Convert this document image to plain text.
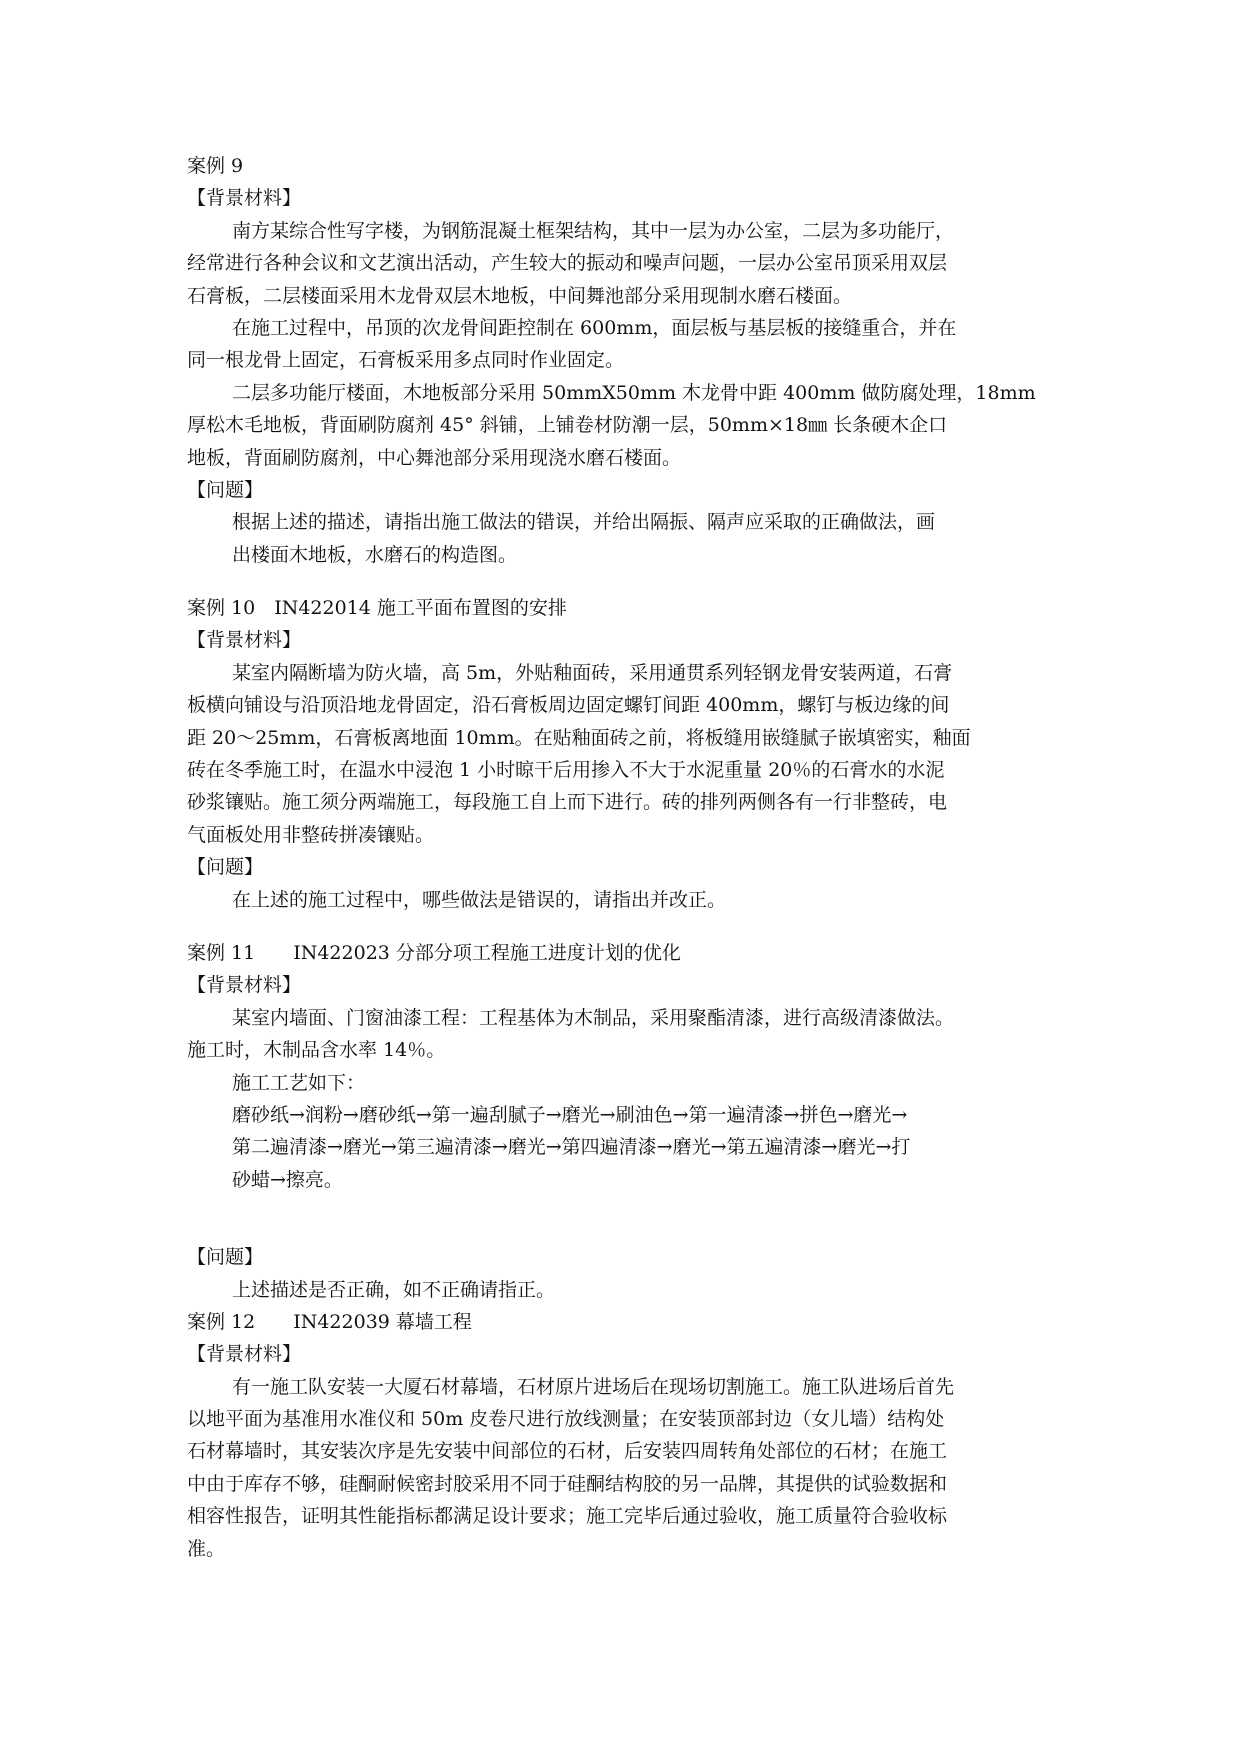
案例 9
【背景材料】
南方某综合性写字楼，为钢筋混凝土框架结构，其中一层为办公室，二层为多功能厅，
经常进行各种会议和文艺演出活动，产生较大的振动和噪声问题，一层办公室吊顶采用双层
石膏板，二层楼面采用木龙骨双层木地板，中间舞池部分采用现制水磨石楼面。
在施工过程中，吊顶的次龙骨间距控制在 600mm，面层板与基层板的接缝重合，并在
同一根龙骨上固定，石膏板采用多点同时作业固定。
二层多功能厅楼面，木地板部分采用 50mmX50mm 木龙骨中距 400mm 做防腐处理，18mm
厚松木毛地板，背面刷防腐剂 45° 斜铺，上铺卷材防潮一层，50mm×18㎜ 长条硬木企口
地板，背面刷防腐剂，中心舞池部分采用现浇水磨石楼面。
【问题】
根据上述的描述，请指出施工做法的错误，并给出隔振、隔声应采取的正确做法，画
出楼面木地板，水磨石的构造图。
案例 10　IN422014 施工平面布置图的安排
【背景材料】
某室内隔断墙为防火墙，高 5m，外贴釉面砖，采用通贯系列轻钢龙骨安装两道，石膏
板横向铺设与沿顶沿地龙骨固定，沿石膏板周边固定螺钉间距 400mm，螺钉与板边缘的间
距 20～25mm，石膏板离地面 10mm。在贴釉面砖之前，将板缝用嵌缝腻子嵌填密实，釉面
砖在冬季施工时，在温水中浸泡 1 小时晾干后用掺入不大于水泥重量 20％的石膏水的水泥
砂浆镶贴。施工须分两端施工，每段施工自上而下进行。砖的排列两侧各有一行非整砖，电
气面板处用非整砖拼凑镶贴。
【问题】
在上述的施工过程中，哪些做法是错误的，请指出并改正。
案例 11　　IN422023 分部分项工程施工进度计划的优化
【背景材料】
某室内墙面、门窗油漆工程：工程基体为木制品，采用聚酯清漆，进行高级清漆做法。
施工时，木制品含水率 14％。
施工工艺如下：
磨砂纸→润粉→磨砂纸→第一遍刮腻子→磨光→刷油色→第一遍清漆→拼色→磨光→
第二遍清漆→磨光→第三遍清漆→磨光→第四遍清漆→磨光→第五遍清漆→磨光→打
砂蜡→擦亮。
【问题】
上述描述是否正确，如不正确请指正。
案例 12　　IN422039 幕墙工程
【背景材料】
有一施工队安装一大厦石材幕墙，石材原片进场后在现场切割施工。施工队进场后首先
以地平面为基准用水准仪和 50m 皮卷尺进行放线测量；在安装顶部封边（女儿墙）结构处
石材幕墙时，其安装次序是先安装中间部位的石材，后安装四周转角处部位的石材；在施工
中由于库存不够，硅酮耐候密封胶采用不同于硅酮结构胶的另一品牌，其提供的试验数据和
相容性报告，证明其性能指标都满足设计要求；施工完毕后通过验收，施工质量符合验收标
准。
